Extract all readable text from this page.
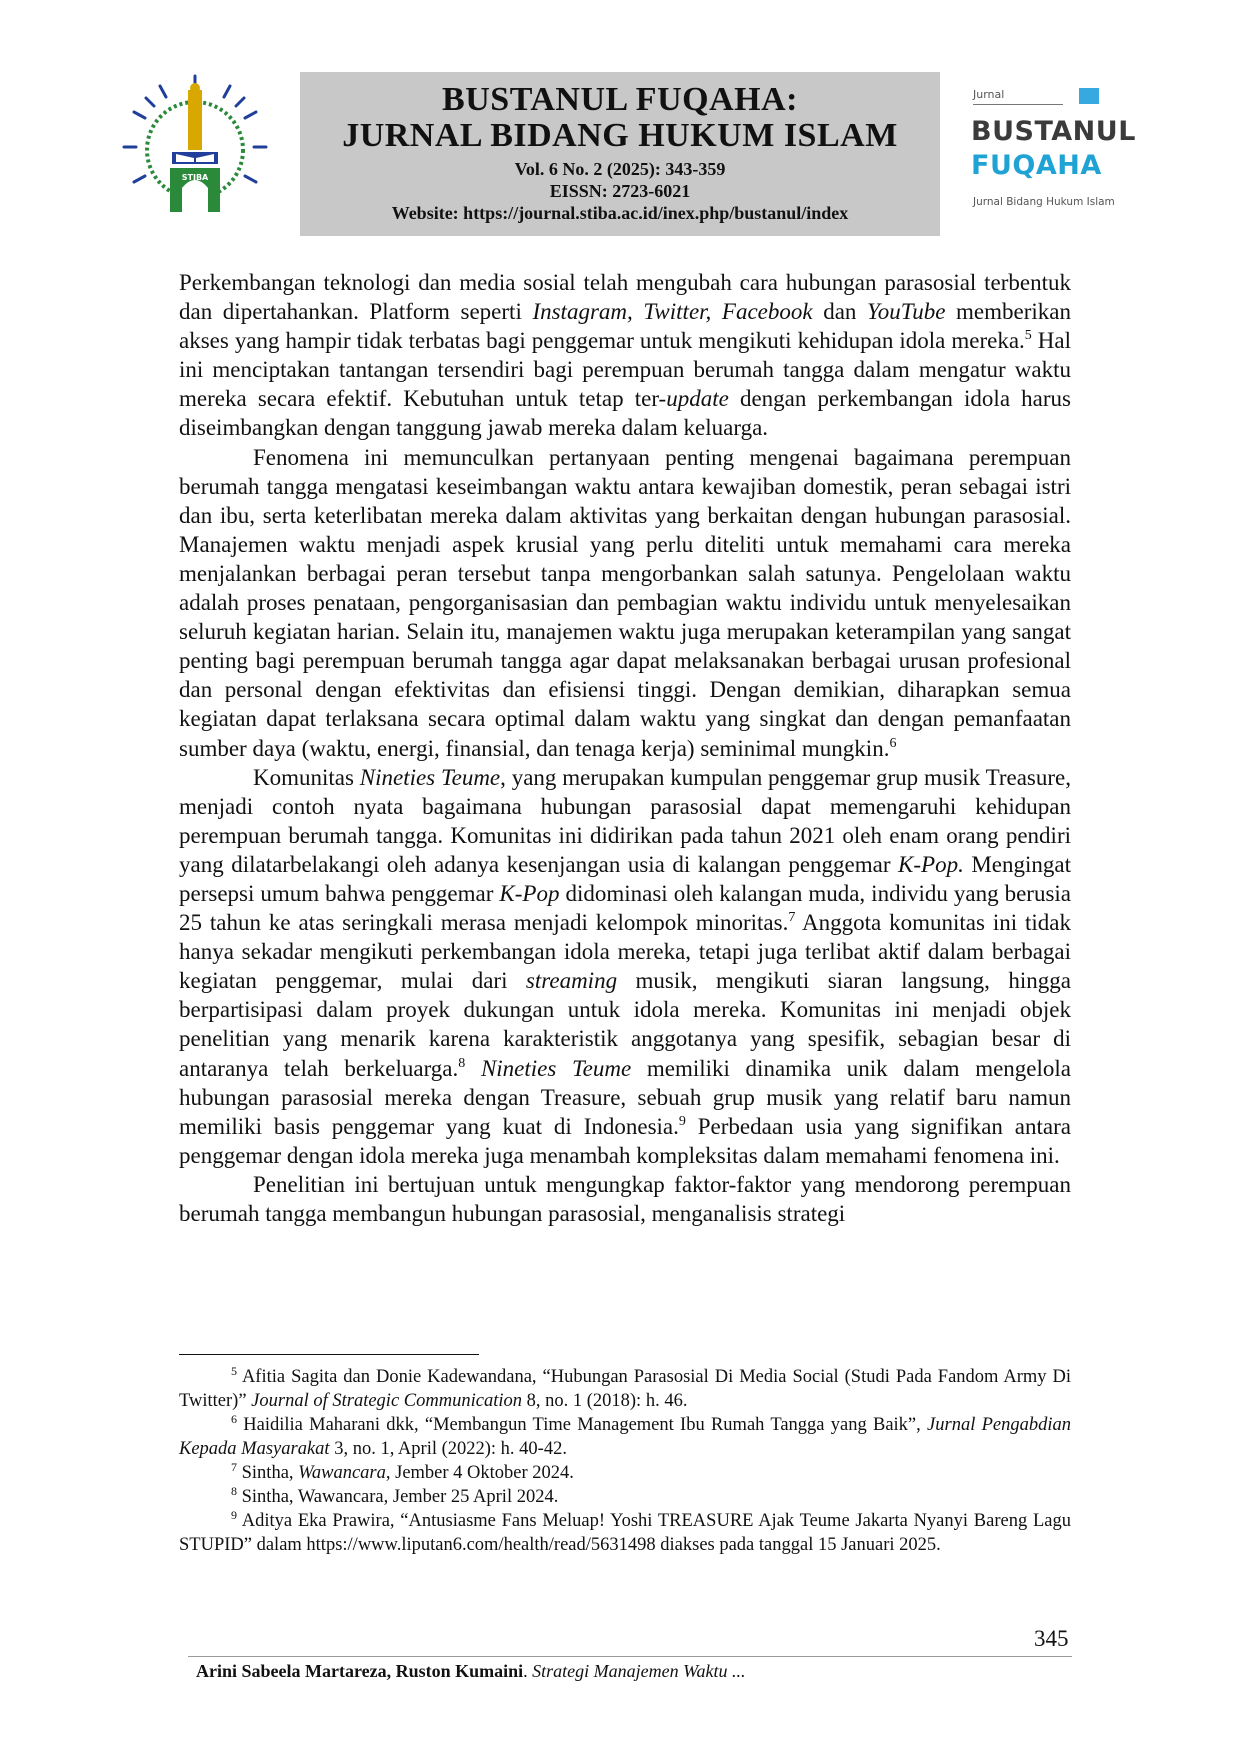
STIBA
BUSTANUL FUQAHA:
JURNAL BIDANG HUKUM ISLAM
Vol. 6 No. 2 (2025): 343-359
EISSN: 2723-6021
Website: https://journal.stiba.ac.id/inex.php/bustanul/index
Jurnal
BUSTANUL
FUQAHA
Jurnal Bidang Hukum Islam

Perkembangan teknologi dan media sosial telah mengubah cara hubungan parasosial terbentuk dan dipertahankan. Platform seperti Instagram, Twitter, Facebook dan YouTube memberikan akses yang hampir tidak terbatas bagi penggemar untuk mengikuti kehidupan idola mereka.$^5$ Hal ini menciptakan tantangan tersendiri bagi perempuan berumah tangga dalam mengatur waktu mereka secara efektif. Kebutuhan untuk tetap ter-update dengan perkembangan idola harus diseimbangkan dengan tanggung jawab mereka dalam keluarga.

Fenomena ini memunculkan pertanyaan penting mengenai bagaimana perempuan berumah tangga mengatasi keseimbangan waktu antara kewajiban domestik, peran sebagai istri dan ibu, serta keterlibatan mereka dalam aktivitas yang berkaitan dengan hubungan parasosial. Manajemen waktu menjadi aspek krusial yang perlu diteliti untuk memahami cara mereka menjalankan berbagai peran tersebut tanpa mengorbankan salah satunya. Pengelolaan waktu adalah proses penataan, pengorganisasian dan pembagian waktu individu untuk menyelesaikan seluruh kegiatan harian. Selain itu, manajemen waktu juga merupakan keterampilan yang sangat penting bagi perempuan berumah tangga agar dapat melaksanakan berbagai urusan profesional dan personal dengan efektivitas dan efisiensi tinggi. Dengan demikian, diharapkan semua kegiatan dapat terlaksana secara optimal dalam waktu yang singkat dan dengan pemanfaatan sumber daya (waktu, energi, finansial, dan tenaga kerja) seminimal mungkin.$^6$

Komunitas Nineties Teume, yang merupakan kumpulan penggemar grup musik Treasure, menjadi contoh nyata bagaimana hubungan parasosial dapat memengaruhi kehidupan perempuan berumah tangga. Komunitas ini didirikan pada tahun 2021 oleh enam orang pendiri yang dilatarbelakangi oleh adanya kesenjangan usia di kalangan penggemar K-Pop. Mengingat persepsi umum bahwa penggemar K-Pop didominasi oleh kalangan muda, individu yang berusia 25 tahun ke atas seringkali merasa menjadi kelompok minoritas.$^7$ Anggota komunitas ini tidak hanya sekadar mengikuti perkembangan idola mereka, tetapi juga terlibat aktif dalam berbagai kegiatan penggemar, mulai dari streaming musik, mengikuti siaran langsung, hingga berpartisipasi dalam proyek dukungan untuk idola mereka. Komunitas ini menjadi objek penelitian yang menarik karena karakteristik anggotanya yang spesifik, sebagian besar di antaranya telah berkeluarga.$^8$ Nineties Teume memiliki dinamika unik dalam mengelola hubungan parasosial mereka dengan Treasure, sebuah grup musik yang relatif baru namun memiliki basis penggemar yang kuat di Indonesia.$^9$ Perbedaan usia yang signifikan antara penggemar dengan idola mereka juga menambah kompleksitas dalam memahami fenomena ini.

Penelitian ini bertujuan untuk mengungkap faktor-faktor yang mendorong perempuan berumah tangga membangun hubungan parasosial, menganalisis strategi

$^5$ Afitia Sagita dan Donie Kadewandana, “Hubungan Parasosial Di Media Social (Studi Pada Fandom Army Di Twitter)” Journal of Strategic Communication 8, no. 1 (2018): h. 46.

$^6$ Haidilia Maharani dkk, “Membangun Time Management Ibu Rumah Tangga yang Baik”, Jurnal Pengabdian Kepada Masyarakat 3, no. 1, April (2022): h. 40-42.

$^7$ Sintha, Wawancara, Jember 4 Oktober 2024.

$^8$ Sintha, Wawancara, Jember 25 April 2024.

$^9$ Aditya Eka Prawira, “Antusiasme Fans Meluap! Yoshi TREASURE Ajak Teume Jakarta Nyanyi Bareng Lagu STUPID” dalam https://www.liputan6.com/health/read/5631498 diakses pada tanggal 15 Januari 2025.

345
Arini Sabeela Martareza, Ruston Kumaini. Strategi Manajemen Waktu ...
